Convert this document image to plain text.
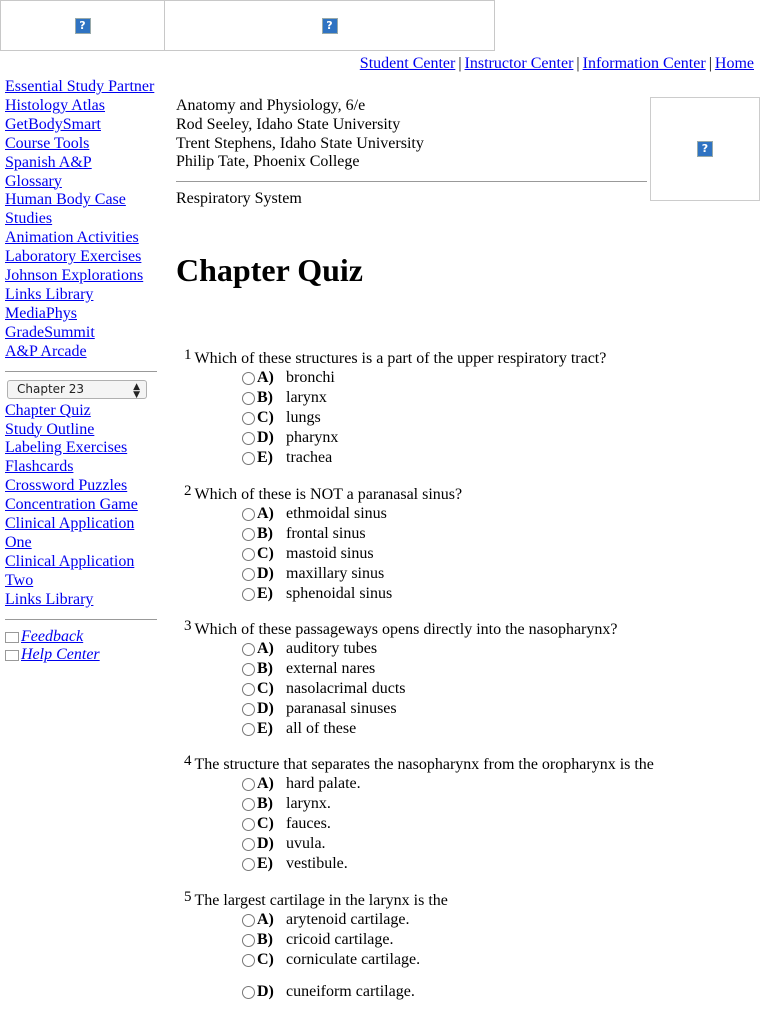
?	?
Student Center | Instructor Center | Information Center | Home
Essential Study Partner
Histology Atlas
GetBodySmart
Course Tools
Spanish A&P
Glossary
Human Body Case Studies
Animation Activities
Laboratory Exercises
Johnson Explorations
Links Library
MediaPhys
GradeSummit
A&P Arcade
Chapter 23	▲
▼
Chapter Quiz
Study Outline
Labeling Exercises
Flashcards
Crossword Puzzles
Concentration Game
Clinical Application One
Clinical Application Two
Links Library
Feedback
Help Center
Anatomy and Physiology, 6/e
Rod Seeley, Idaho State University
Trent Stephens, Idaho State University
Philip Tate, Phoenix College
Respiratory System
?
Chapter Quiz
1 Which of these structures is a part of the upper respiratory tract?
A) bronchi
B) larynx
C) lungs
D) pharynx
E) trachea
2 Which of these is NOT a paranasal sinus?
A) ethmoidal sinus
B) frontal sinus
C) mastoid sinus
D) maxillary sinus
E) sphenoidal sinus
3 Which of these passageways opens directly into the nasopharynx?
A) auditory tubes
B) external nares
C) nasolacrimal ducts
D) paranasal sinuses
E) all of these
4 The structure that separates the nasopharynx from the oropharynx is the
A) hard palate.
B) larynx.
C) fauces.
D) uvula.
E) vestibule.
5 The largest cartilage in the larynx is the
A) arytenoid cartilage.
B) cricoid cartilage.
C) corniculate cartilage.
D) cuneiform cartilage.
